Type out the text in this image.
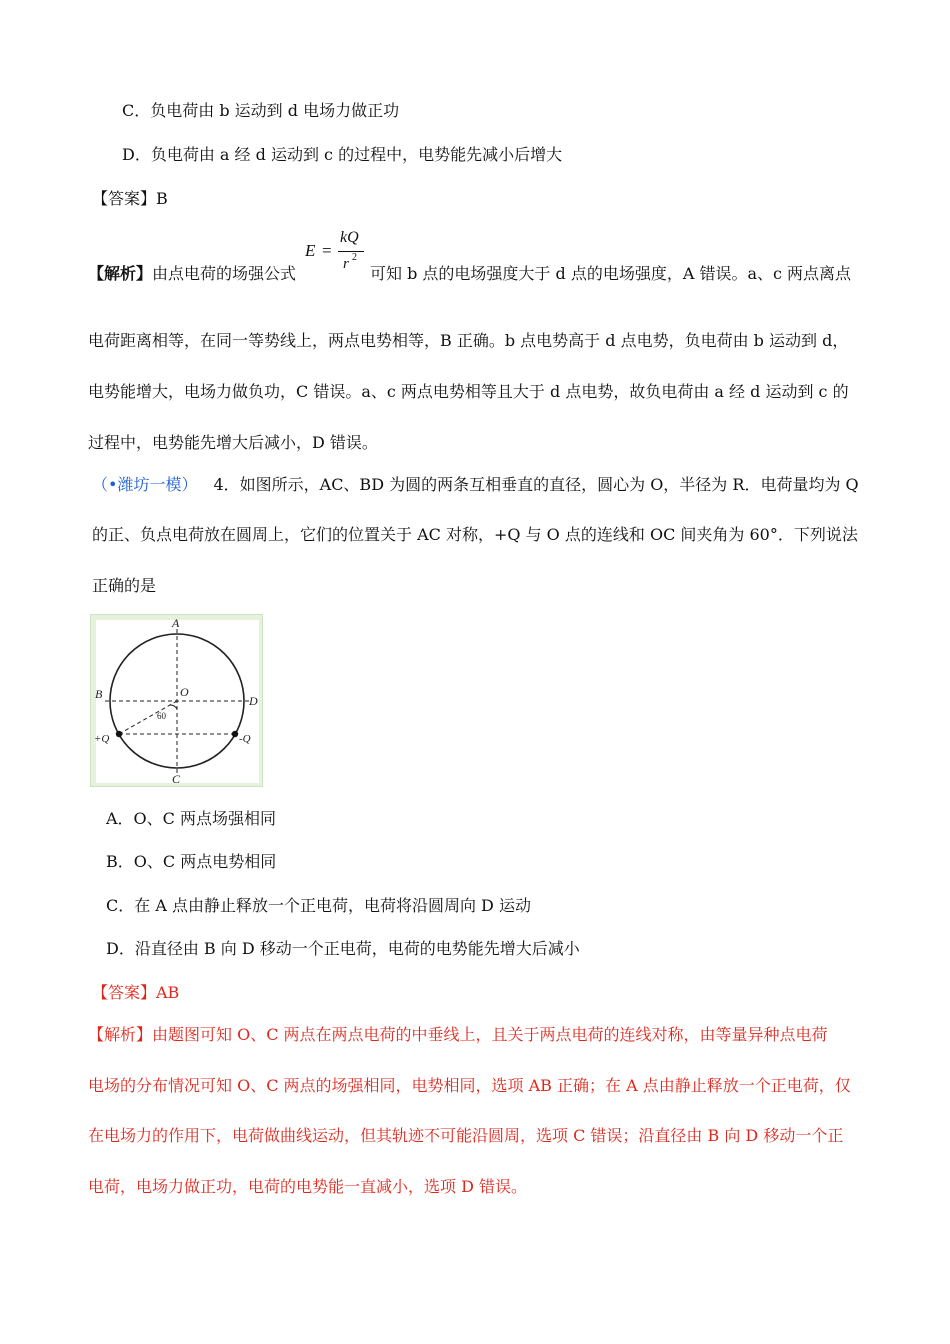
C．负电荷由 b 运动到 d 电场力做正功
D．负电荷由 a 经 d 运动到 c 的过程中，电势能先减小后增大
【答案】B
【解析】由点电荷的场强公式
E =
kQ
r 2
可知 b 点的电场强度大于 d 点的电场强度，A 错误。a、c 两点离点
电荷距离相等，在同一等势线上，两点电势相等，B 正确。b 点电势高于 d 点电势，负电荷由 b 运动到 d，
电势能增大，电场力做负功，C 错误。a、c 两点电势相等且大于 d 点电势，故负电荷由 a 经 d 运动到 c 的
过程中，电势能先增大后减小，D 错误。
（•潍坊一模） 4．如图所示，AC、BD 为圆的两条互相垂直的直径，圆心为 O，半径为 R．电荷量均为 Q
的正、负点电荷放在圆周上，它们的位置关于 AC 对称，+Q 与 O 点的连线和 OC 间夹角为 60°．下列说法
正确的是
A
B
C
D
O
60
+Q	-Q
A．O、C 两点场强相同
B．O、C 两点电势相同
C．在 A 点由静止释放一个正电荷，电荷将沿圆周向 D 运动
D．沿直径由 B 向 D 移动一个正电荷，电荷的电势能先增大后减小
【答案】AB
【解析】由题图可知 O、C 两点在两点电荷的中垂线上，且关于两点电荷的连线对称，由等量异种点电荷
电场的分布情况可知 O、C 两点的场强相同，电势相同，选项 AB 正确；在 A 点由静止释放一个正电荷，仅
在电场力的作用下，电荷做曲线运动，但其轨迹不可能沿圆周，选项 C 错误；沿直径由 B 向 D 移动一个正
电荷，电场力做正功，电荷的电势能一直减小，选项 D 错误。
